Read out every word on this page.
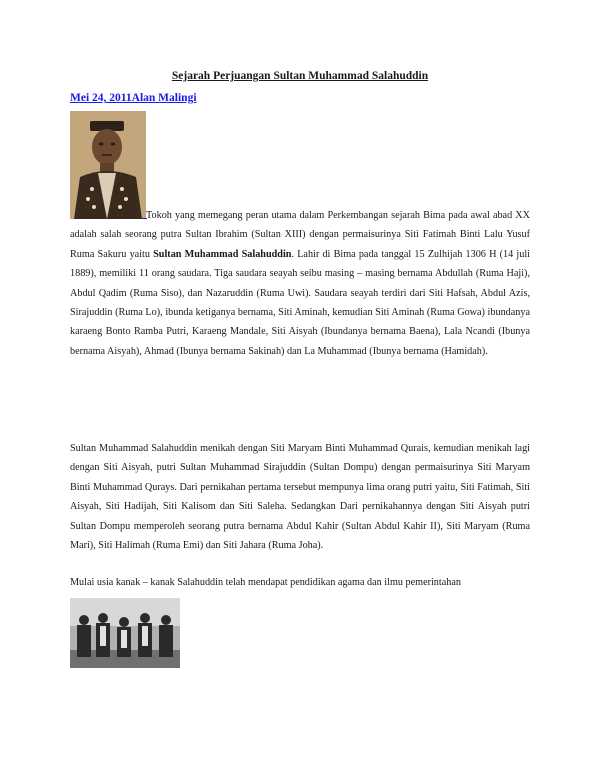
Sejarah Perjuangan Sultan Muhammad Salahuddin
Mei 24, 2011Alan Malingi

Tokoh yang memegang peran utama dalam Perkembangan sejarah Bima pada awal abad XX adalah salah seorang putra Sultan Ibrahim (Sultan XIII) dengan permaisurinya Siti Fatimah Binti Lalu Yusuf Ruma Sakuru yaitu Sultan Muhammad Salahuddin. Lahir di Bima pada tanggal 15 Zulhijah 1306 H (14 juli 1889), memiliki 11 orang saudara. Tiga saudara seayah seibu masing – masing bernama Abdullah (Ruma Haji), Abdul Qadim (Ruma Siso), dan Nazaruddin (Ruma Uwi). Saudara seayah terdiri dari Siti Hafsah, Abdul Azis, Sirajuddin (Ruma Lo), ibunda ketiganya bernama, Siti Aminah, kemudian Siti Aminah (Ruma Gowa) ibundanya karaeng Bonto Ramba Putri, Karaeng Mandale, Siti Aisyah (Ibundanya bernama Baena), Lala Ncandi (Ibunya bernama Aisyah), Ahmad (Ibunya bernama Sakinah) dan La Muhammad (Ibunya bernama (Hamidah).

Sultan Muhammad Salahuddin menikah dengan Siti Maryam Binti Muhammad Qurais, kemudian menikah lagi dengan Siti Aisyah, putri Sultan Muhammad Sirajuddin (Sultan Dompu) dengan permaisurinya Siti Maryam Binti Muhammad Qurays. Dari pernikahan pertama tersebut mempunya lima orang putri yaitu, Siti Fatimah, Siti Aisyah, Siti Hadijah, Siti Kalisom dan Siti Saleha. Sedangkan Dari pernikahannya dengan Siti Aisyah putri Sultan Dompu memperoleh seorang putra bernama Abdul Kahir (Sultan Abdul Kahir II), Siti Maryam (Ruma Mari), Siti Halimah (Ruma Emi) dan Siti Jahara (Ruma Joha).

Mulai usia kanak – kanak Salahuddin telah mendapat pendidikan agama dan ilmu pemerintahan
